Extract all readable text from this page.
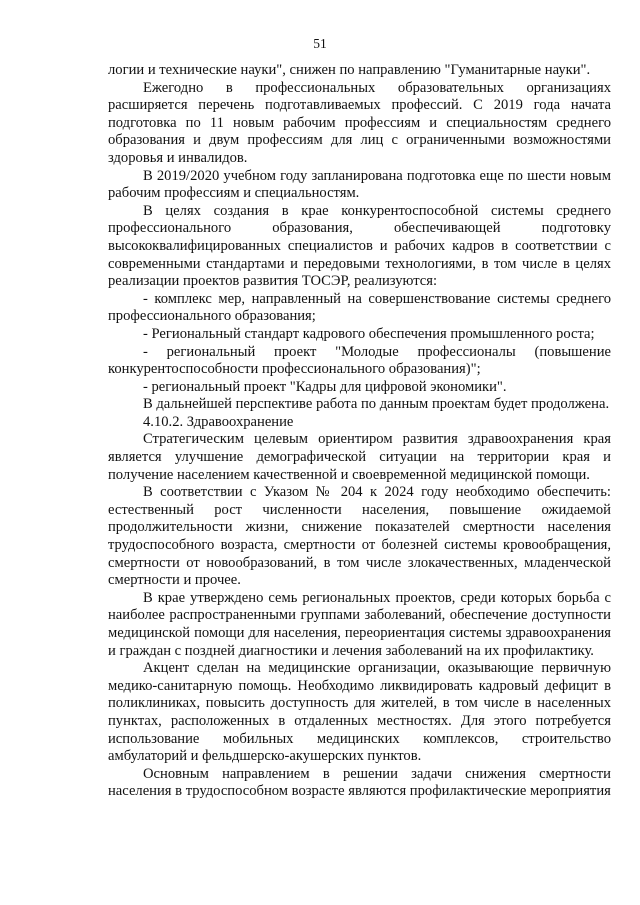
51

логии и технические науки", снижен по направлению "Гуманитарные науки".

Ежегодно в профессиональных образовательных организациях расширяется перечень подготавливаемых профессий. С 2019 года начата подготовка по 11 новым рабочим профессиям и специальностям среднего образования и двум профессиям для лиц с ограниченными возможностями здоровья и инвалидов.

В 2019/2020 учебном году запланирована подготовка еще по шести новым рабочим профессиям и специальностям.

В целях создания в крае конкурентоспособной системы среднего профессионального образования, обеспечивающей подготовку высококвалифицированных специалистов и рабочих кадров в соответствии с современными стандартами и передовыми технологиями, в том числе в целях реализации проектов развития ТОСЭР, реализуются:

- комплекс мер, направленный на совершенствование системы среднего профессионального образования;

- Региональный стандарт кадрового обеспечения промышленного роста;

- региональный проект "Молодые профессионалы (повышение конкурентоспособности профессионального образования)";

- региональный проект "Кадры для цифровой экономики".

В дальнейшей перспективе работа по данным проектам будет продолжена.

4.10.2. Здравоохранение

Стратегическим целевым ориентиром развития здравоохранения края является улучшение демографической ситуации на территории края и получение населением качественной и своевременной медицинской помощи.

В соответствии с Указом № 204 к 2024 году необходимо обеспечить: естественный рост численности населения, повышение ожидаемой продолжительности жизни, снижение показателей смертности населения трудоспособного возраста, смертности от болезней системы кровообращения, смертности от новообразований, в том числе злокачественных, младенческой смертности и прочее.

В крае утверждено семь региональных проектов, среди которых борьба с наиболее распространенными группами заболеваний, обеспечение доступности медицинской помощи для населения, переориентация системы здравоохранения и граждан с поздней диагностики и лечения заболеваний на их профилактику.

Акцент сделан на медицинские организации, оказывающие первичную медико-санитарную помощь. Необходимо ликвидировать кадровый дефицит в поликлиниках, повысить доступность для жителей, в том числе в населенных пунктах, расположенных в отдаленных местностях. Для этого потребуется использование мобильных медицинских комплексов, строительство амбулаторий и фельдшерско-акушерских пунктов.

Основным направлением в решении задачи снижения смертности населения в трудоспособном возрасте являются профилактические мероприятия
